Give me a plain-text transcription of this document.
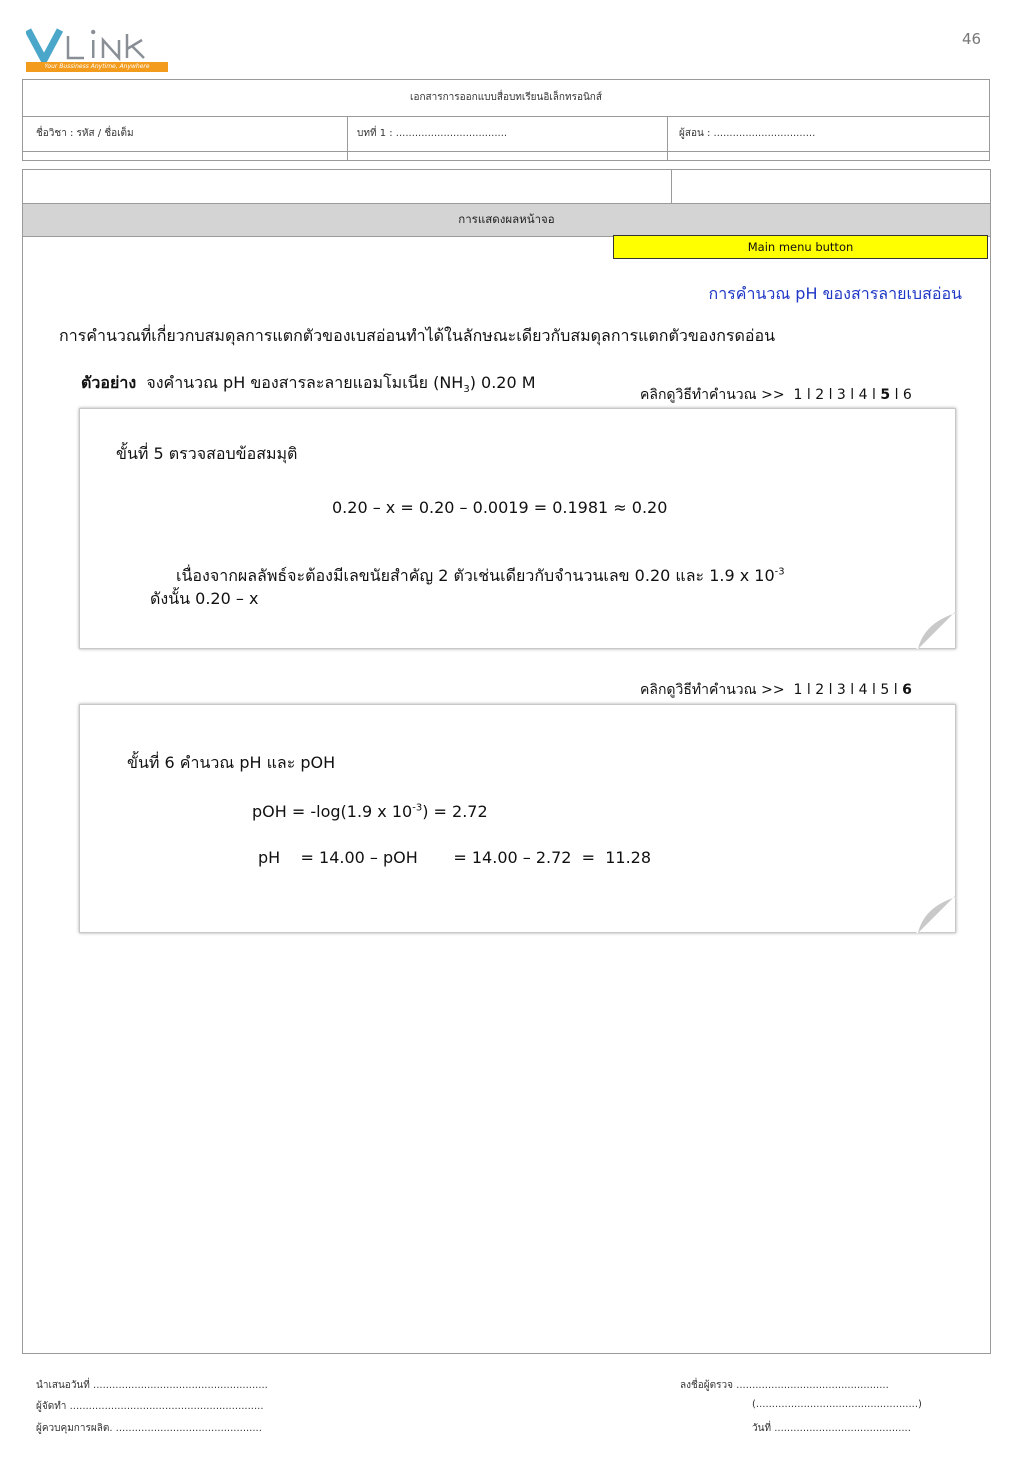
Your Bussiness Anytime, Anywhere
46
เอกสารการออกแบบสื่อบทเรียนอิเล็กทรอนิกส์
ชื่อวิชา : รหัส / ชื่อเต็ม	บทที่ 1 : ...................................	ผู้สอน : ................................
การแสดงผลหน้าจอ
Main menu button
การคำนวณ pH ของสารลายเบสอ่อน
การคำนวณที่เกี่ยวกบสมดุลการแตกตัวของเบสอ่อนทำได้ในลักษณะเดียวกับสมดุลการแตกตัวของกรดอ่อน
ตัวอย่าง จงคำนวณ pH ของสารละลายแอมโมเนีย $(NH_3)$ 0.20 M
คลิกดูวิธีทำคำนวณ >> 1 l 2 l 3 l 4 l 5 l 6
ขั้นที่ 5 ตรวจสอบข้อสมมุติ
0.20 – x = 0.20 – 0.0019 = 0.1981 ≈ 0.20
เนื่องจากผลลัพธ์จะต้องมีเลขนัยสำคัญ 2 ตัวเช่นเดียวกับจำนวนเลข 0.20 และ 1.9 x $10^{-3}$
ดังนั้น 0.20 – x
คลิกดูวิธีทำคำนวณ >> 1 l 2 l 3 l 4 l 5 l 6
ขั้นที่ 6 คำนวณ pH และ pOH
pOH = -log(1.9 x $10^{-3}) = 2.72$
pH    = 14.00 – pOH       = 14.00 – 2.72  =  11.28
นำเสนอวันที่ .......................................................
ผู้จัดทำ .............................................................
ผู้ควบคุมการผลิต. ..............................................
ลงชื่อผู้ตรวจ ................................................
(...................................................)
วันที่ ...........................................
